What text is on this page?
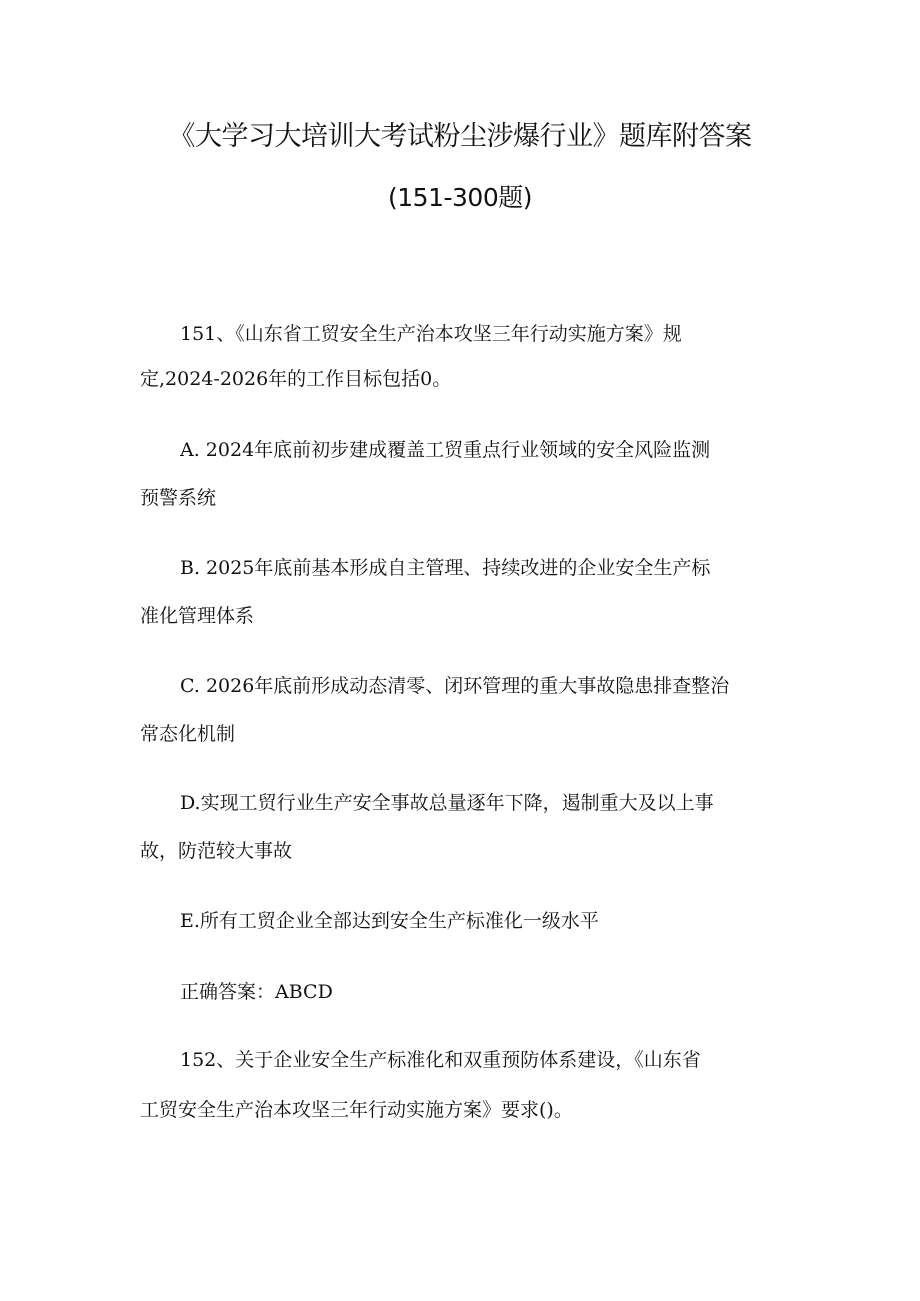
《大学习大培训大考试粉尘涉爆行业》题库附答案
(151-300题)
151、《山东省工贸安全生产治本攻坚三年行动实施方案》规
定,2024-2026年的工作目标包括0。
A. 2024年底前初步建成覆盖工贸重点行业领域的安全风险监测
预警系统
B. 2025年底前基本形成自主管理、持续改进的企业安全生产标
准化管理体系
C. 2026年底前形成动态清零、闭环管理的重大事故隐患排查整治
常态化机制
D.实现工贸行业生产安全事故总量逐年下降，遏制重大及以上事
故，防范较大事故
E.所有工贸企业全部达到安全生产标准化一级水平
正确答案：ABCD
152、关于企业安全生产标准化和双重预防体系建设，《山东省
工贸安全生产治本攻坚三年行动实施方案》要求()。
